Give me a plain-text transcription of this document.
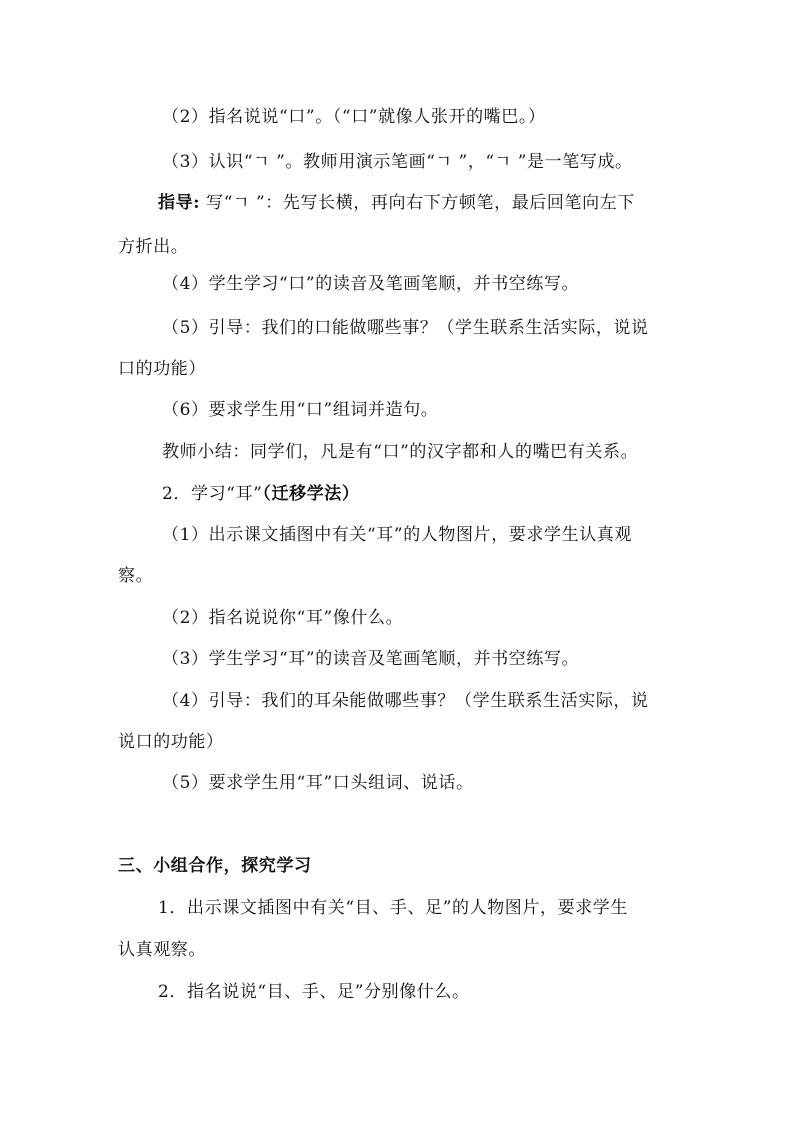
（2）指名说说“口”。（“口”就像人张开的嘴巴。）
（3）认识“ㄱ ”。教师用演示笔画“ㄱ ”，“ㄱ ”是一笔写成。
指导: 写“ㄱ ”：先写长横，再向右下方顿笔，最后回笔向左下
方折出。
（4）学生学习“口”的读音及笔画笔顺，并书空练写。
（5）引导：我们的口能做哪些事？（学生联系生活实际，说说
口的功能）
（6）要求学生用“口”组词并造句。
教师小结：同学们，凡是有“口”的汉字都和人的嘴巴有关系。
2．学习“耳”（迁移学法）
（1）出示课文插图中有关“耳”的人物图片，要求学生认真观
察。
（2）指名说说你“耳”像什么。
（3）学生学习“耳”的读音及笔画笔顺，并书空练写。
（4）引导：我们的耳朵能做哪些事？（学生联系生活实际，说
说口的功能）
（5）要求学生用“耳”口头组词、说话。
三、小组合作，探究学习
1．出示课文插图中有关“目、手、足”的人物图片，要求学生
认真观察。
2．指名说说“目、手、足”分别像什么。
